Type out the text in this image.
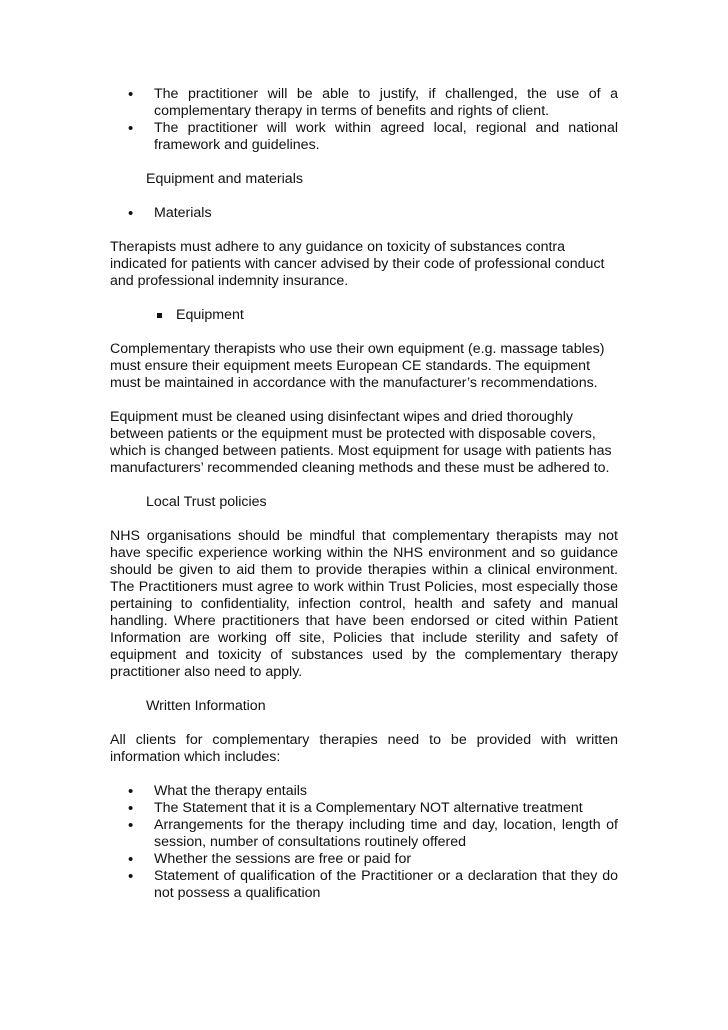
• The practitioner will be able to justify, if challenged, the use of a complementary therapy in terms of benefits and rights of client.
• The practitioner will work within agreed local, regional and national framework and guidelines.

Equipment and materials

• Materials

Therapists must adhere to any guidance on toxicity of substances contra indicated for patients with cancer advised by their code of professional conduct and professional indemnity insurance.

Equipment

Complementary therapists who use their own equipment (e.g. massage tables) must ensure their equipment meets European CE standards. The equipment must be maintained in accordance with the manufacturer’s recommendations.

Equipment must be cleaned using disinfectant wipes and dried thoroughly between patients or the equipment must be protected with disposable covers, which is changed between patients. Most equipment for usage with patients has manufacturers’ recommended cleaning methods and these must be adhered to.

Local Trust policies

NHS organisations should be mindful that complementary therapists may not have specific experience working within the NHS environment and so guidance should be given to aid them to provide therapies within a clinical environment. The Practitioners must agree to work within Trust Policies, most especially those pertaining to confidentiality, infection control, health and safety and manual handling. Where practitioners that have been endorsed or cited within Patient Information are working off site, Policies that include sterility and safety of equipment and toxicity of substances used by the complementary therapy practitioner also need to apply.

Written Information

All clients for complementary therapies need to be provided with written information which includes:

• What the therapy entails
• The Statement that it is a Complementary NOT alternative treatment
• Arrangements for the therapy including time and day, location, length of session, number of consultations routinely offered
• Whether the sessions are free or paid for
• Statement of qualification of the Practitioner or a declaration that they do not possess a qualification
